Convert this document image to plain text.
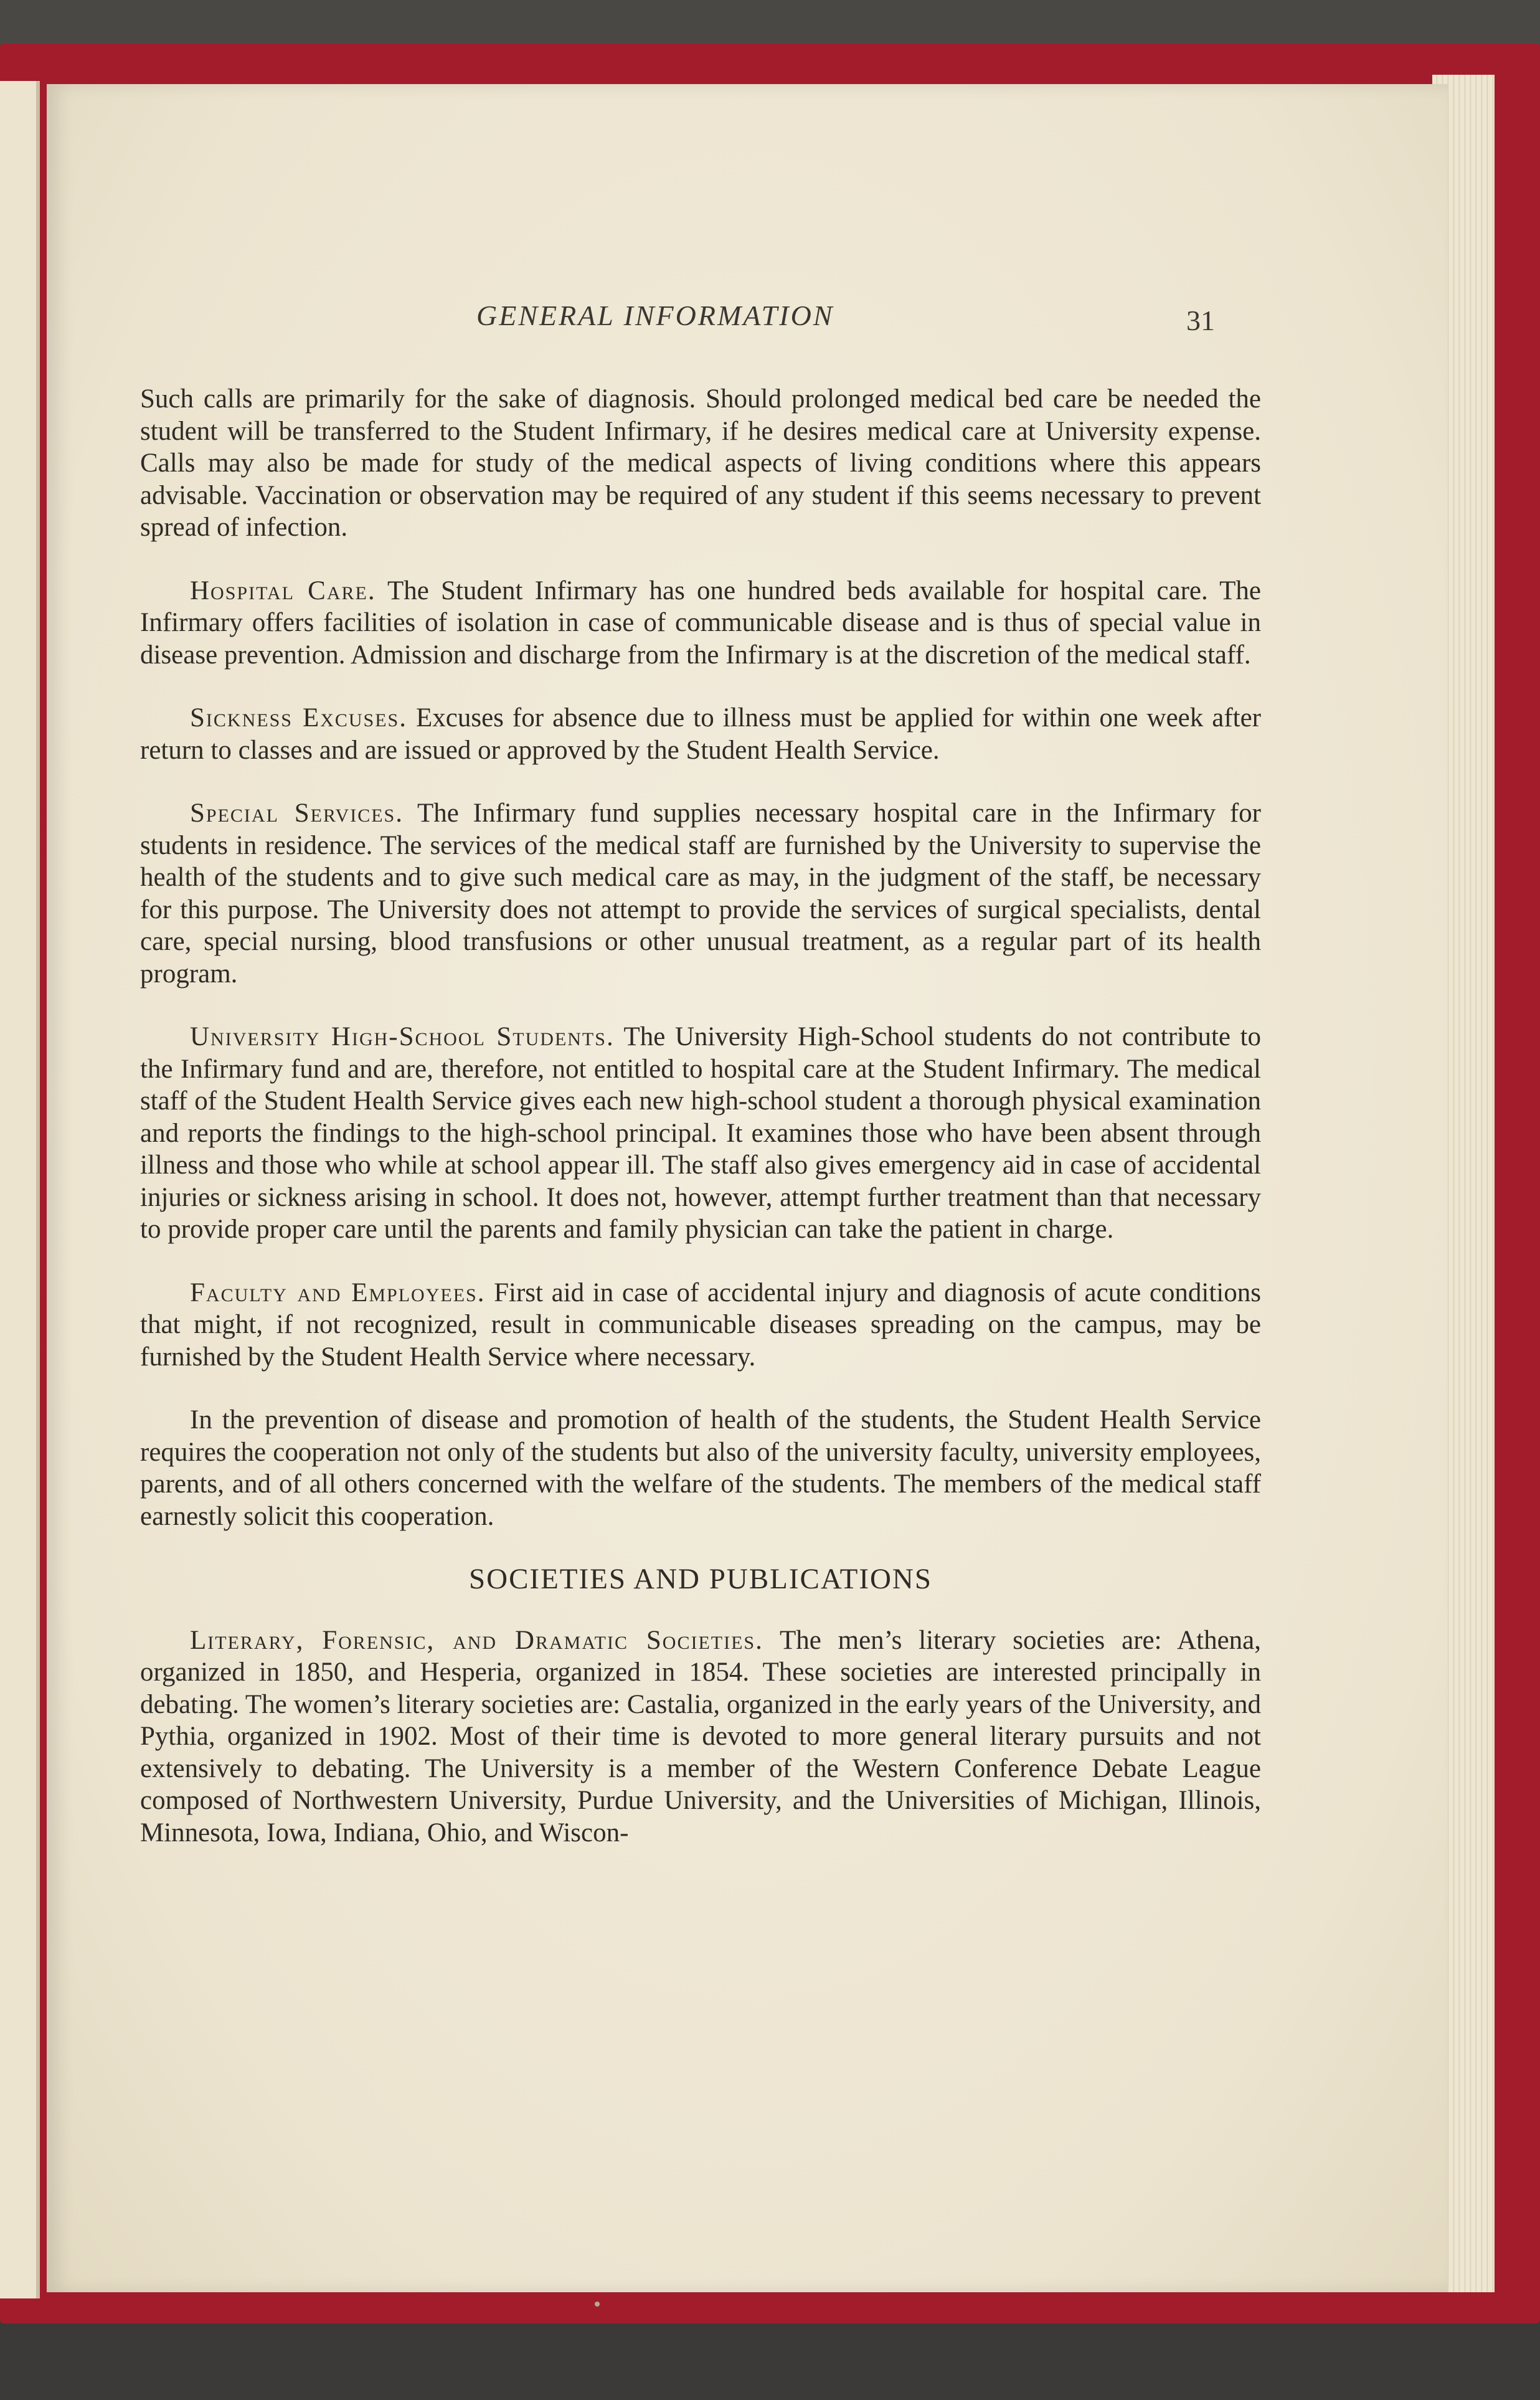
GENERAL INFORMATION	31

Such calls are primarily for the sake of diagnosis. Should prolonged medical bed care be needed the student will be transferred to the Student Infirmary, if he desires medical care at University expense. Calls may also be made for study of the medical aspects of living conditions where this appears advisable. Vaccination or observation may be required of any student if this seems necessary to prevent spread of infection.

Hospital Care. The Student Infirmary has one hundred beds available for hospital care. The Infirmary offers facilities of isolation in case of communicable disease and is thus of special value in disease prevention. Admission and discharge from the Infirmary is at the discretion of the medical staff.

Sickness Excuses. Excuses for absence due to illness must be applied for within one week after return to classes and are issued or approved by the Student Health Service.

Special Services. The Infirmary fund supplies necessary hospital care in the Infirmary for students in residence. The services of the medical staff are furnished by the University to supervise the health of the students and to give such medical care as may, in the judgment of the staff, be necessary for this purpose. The University does not attempt to provide the services of surgical specialists, dental care, special nursing, blood transfusions or other unusual treatment, as a regular part of its health program.

University High-School Students. The University High-School students do not contribute to the Infirmary fund and are, therefore, not entitled to hospital care at the Student Infirmary. The medical staff of the Student Health Service gives each new high-school student a thorough physical examination and reports the findings to the high-school principal. It examines those who have been absent through illness and those who while at school appear ill. The staff also gives emergency aid in case of accidental injuries or sickness arising in school. It does not, however, attempt further treatment than that necessary to provide proper care until the parents and family physician can take the patient in charge.

Faculty and Employees. First aid in case of accidental injury and diagnosis of acute conditions that might, if not recognized, result in communicable diseases spreading on the campus, may be furnished by the Student Health Service where necessary.

In the prevention of disease and promotion of health of the students, the Student Health Service requires the cooperation not only of the students but also of the university faculty, university employees, parents, and of all others concerned with the welfare of the students. The members of the medical staff earnestly solicit this cooperation.

SOCIETIES AND PUBLICATIONS

Literary, Forensic, and Dramatic Societies. The men’s literary societies are: Athena, organized in 1850, and Hesperia, organized in 1854. These societies are interested principally in debating. The women’s literary societies are: Castalia, organized in the early years of the University, and Pythia, organized in 1902. Most of their time is devoted to more general literary pursuits and not extensively to debating. The University is a member of the Western Conference Debate League composed of Northwestern University, Purdue University, and the Universities of Michigan, Illinois, Minnesota, Iowa, Indiana, Ohio, and Wiscon-
